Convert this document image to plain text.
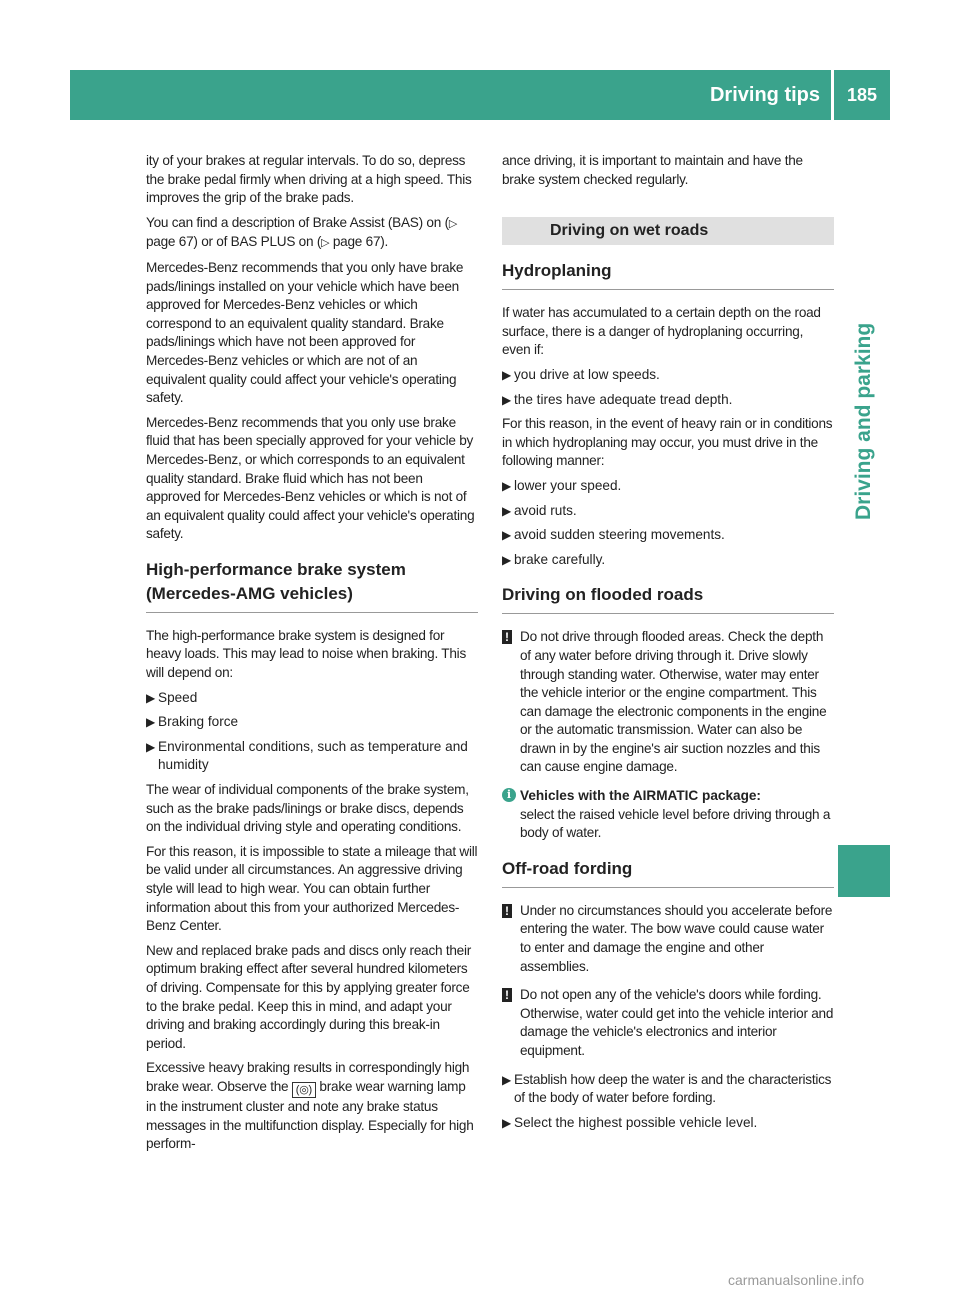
Driving tips	185
Driving and parking

ity of your brakes at regular intervals. To do so, depress the brake pedal firmly when driving at a high speed. This improves the grip of the brake pads.

You can find a description of Brake Assist (BAS) on (▷ page 67) or of BAS PLUS on (▷ page 67).

Mercedes-Benz recommends that you only have brake pads/linings installed on your vehicle which have been approved for Mercedes-Benz vehicles or which correspond to an equivalent quality standard. Brake pads/linings which have not been approved for Mercedes-Benz vehicles or which are not of an equivalent quality could affect your vehicle's operating safety.

Mercedes-Benz recommends that you only use brake fluid that has been specially approved for your vehicle by Mercedes-Benz, or which corresponds to an equivalent quality standard. Brake fluid which has not been approved for Mercedes-Benz vehicles or which is not of an equivalent quality could affect your vehicle's operating safety.

High-performance brake system (Mercedes-AMG vehicles)

The high-performance brake system is designed for heavy loads. This may lead to noise when braking. This will depend on:

▶ Speed
▶ Braking force
▶ Environmental conditions, such as temperature and humidity

The wear of individual components of the brake system, such as the brake pads/linings or brake discs, depends on the individual driving style and operating conditions.

For this reason, it is impossible to state a mileage that will be valid under all circumstances. An aggressive driving style will lead to high wear. You can obtain further information about this from your authorized Mercedes-Benz Center.

New and replaced brake pads and discs only reach their optimum braking effect after several hundred kilometers of driving. Compensate for this by applying greater force to the brake pedal. Keep this in mind, and adapt your driving and braking accordingly during this break-in period.

Excessive heavy braking results in correspondingly high brake wear. Observe the (◎) brake wear warning lamp in the instrument cluster and note any brake status messages in the multifunction display. Especially for high perform-

ance driving, it is important to maintain and have the brake system checked regularly.

Driving on wet roads
Hydroplaning

If water has accumulated to a certain depth on the road surface, there is a danger of hydroplaning occurring, even if:

▶ you drive at low speeds.
▶ the tires have adequate tread depth.

For this reason, in the event of heavy rain or in conditions in which hydroplaning may occur, you must drive in the following manner:

▶ lower your speed.
▶ avoid ruts.
▶ avoid sudden steering movements.
▶ brake carefully.
Driving on flooded roads
! Do not drive through flooded areas. Check the depth of any water before driving through it. Drive slowly through standing water. Otherwise, water may enter the vehicle interior or the engine compartment. This can damage the electronic components in the engine or the automatic transmission. Water can also be drawn in by the engine's air suction nozzles and this can cause engine damage.
i Vehicles with the AIRMATIC package:
select the raised vehicle level before driving through a body of water.
Off-road fording
! Under no circumstances should you accelerate before entering the water. The bow wave could cause water to enter and damage the engine and other assemblies.
! Do not open any of the vehicle's doors while fording. Otherwise, water could get into the vehicle interior and damage the vehicle's electronics and interior equipment.
▶ Establish how deep the water is and the characteristics of the body of water before fording.
▶ Select the highest possible vehicle level.
carmanualsonline.info
